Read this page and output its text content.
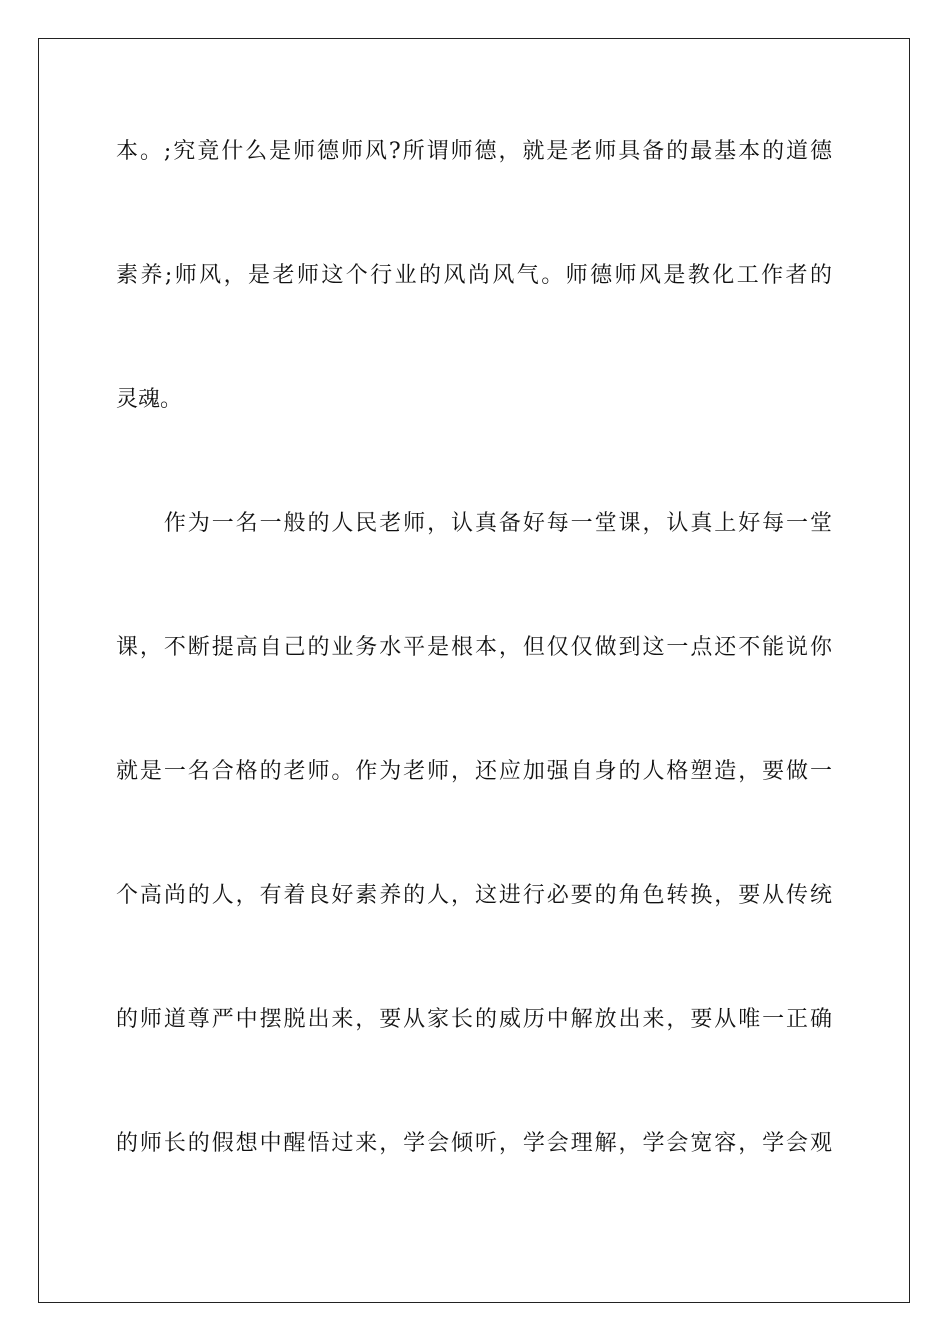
本。;究竟什么是师德师风?所谓师德，就是老师具备的最基本的道德
素养;师风，是老师这个行业的风尚风气。师德师风是教化工作者的
灵魂。
　　作为一名一般的人民老师，认真备好每一堂课，认真上好每一堂
课，不断提高自己的业务水平是根本，但仅仅做到这一点还不能说你
就是一名合格的老师。作为老师，还应加强自身的人格塑造，要做一
个高尚的人，有着良好素养的人，这进行必要的角色转换，要从传统
的师道尊严中摆脱出来，要从家长的威历中解放出来，要从唯一正确
的师长的假想中醒悟过来，学会倾听，学会理解，学会宽容，学会观
